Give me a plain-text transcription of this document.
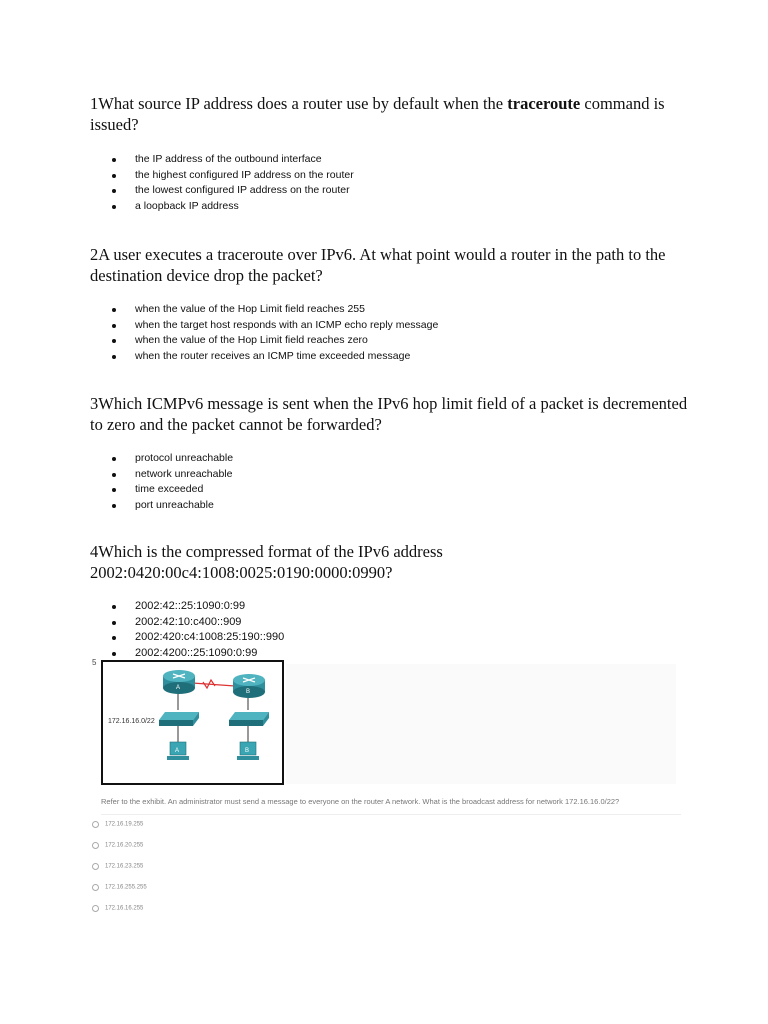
1What source IP address does a router use by default when the traceroute command is issued?

the IP address of the outbound interface
the highest configured IP address on the router
the lowest configured IP address on the router
a loopback IP address

2A user executes a traceroute over IPv6. At what point would a router in the path to the destination device drop the packet?

when the value of the Hop Limit field reaches 255
when the target host responds with an ICMP echo reply message
when the value of the Hop Limit field reaches zero
when the router receives an ICMP time exceeded message

3Which ICMPv6 message is sent when the IPv6 hop limit field of a packet is decremented to zero and the packet cannot be forwarded?

protocol unreachable
network unreachable
time exceeded
port unreachable

4Which is the compressed format of the IPv6 address
2002:0420:00c4:1008:0025:0190:0000:0990?

2002:42::25:1090:0:99
2002:42:10:c400::909
2002:420:c4:1008:25:190::990
2002:4200::25:1090:0:99
5
A
B
A	B
172.16.16.0/22
Refer to the exhibit. An administrator must send a message to everyone on the router A network. What is the broadcast address for network 172.16.16.0/22?
172.16.19.255
172.16.20.255
172.16.23.255
172.16.255.255
172.16.16.255
